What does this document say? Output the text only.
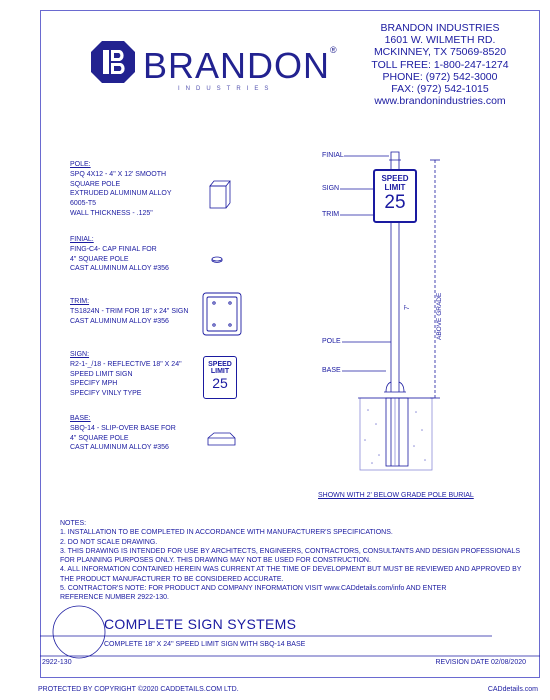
BRANDON®
INDUSTRIES
BRANDON INDUSTRIES
1601 W. WILMETH RD.
MCKINNEY, TX 75069-8520
TOLL FREE: 1-800-247-1274
PHONE: (972) 542-3000
FAX: (972) 542-1015
www.brandonindustries.com
POLE:
SPQ 4X12 - 4" X 12' SMOOTH
SQUARE POLE
EXTRUDED ALUMINUM ALLOY
6005-T5
WALL THICKNESS - .125"
FINIAL:
FING-C4- CAP FINIAL FOR
4" SQUARE POLE
CAST ALUMINUM ALLOY #356
TRIM:
TS1824N - TRIM FOR 18" x 24" SIGN
CAST ALUMINUM ALLOY #356
SIGN:
R2-1-_/18 - REFLECTIVE 18" X 24"
SPEED LIMIT SIGN
SPECIFY MPH
SPECIFY VINLY TYPE
BASE:
SBQ-14 - SLIP-OVER BASE FOR
4" SQUARE POLE
CAST ALUMINUM ALLOY #356
SPEED
LIMIT
25
SPEED
LIMIT
25
FINIAL
SIGN
TRIM
POLE
BASE
7'	ABOVE GRADE
SHOWN WITH 2' BELOW GRADE POLE BURIAL
NOTES:
1. INSTALLATION TO BE COMPLETED IN ACCORDANCE WITH MANUFACTURER'S SPECIFICATIONS.
2. DO NOT SCALE DRAWING.
3. THIS DRAWING IS INTENDED FOR USE BY ARCHITECTS, ENGINEERS, CONTRACTORS, CONSULTANTS AND DESIGN PROFESSIONALS
FOR PLANNING PURPOSES ONLY. THIS DRAWING MAY NOT BE USED FOR CONSTRUCTION.
4. ALL INFORMATION CONTAINED HEREIN WAS CURRENT AT THE TIME OF DEVELOPMENT BUT MUST BE REVIEWED AND APPROVED BY
THE PRODUCT MANUFACTURER TO BE CONSIDERED ACCURATE.
5. CONTRACTOR'S NOTE: FOR PRODUCT AND COMPANY INFORMATION VISIT www.CADdetails.com/info AND ENTER
REFERENCE NUMBER 2922-130.
COMPLETE SIGN SYSTEMS
COMPLETE 18" X 24" SPEED LIMIT SIGN WITH SBQ-14 BASE
2922-130	REVISION DATE 02/08/2020
PROTECTED BY COPYRIGHT ©2020 CADDETAILS.COM LTD.	CADdetails.com
